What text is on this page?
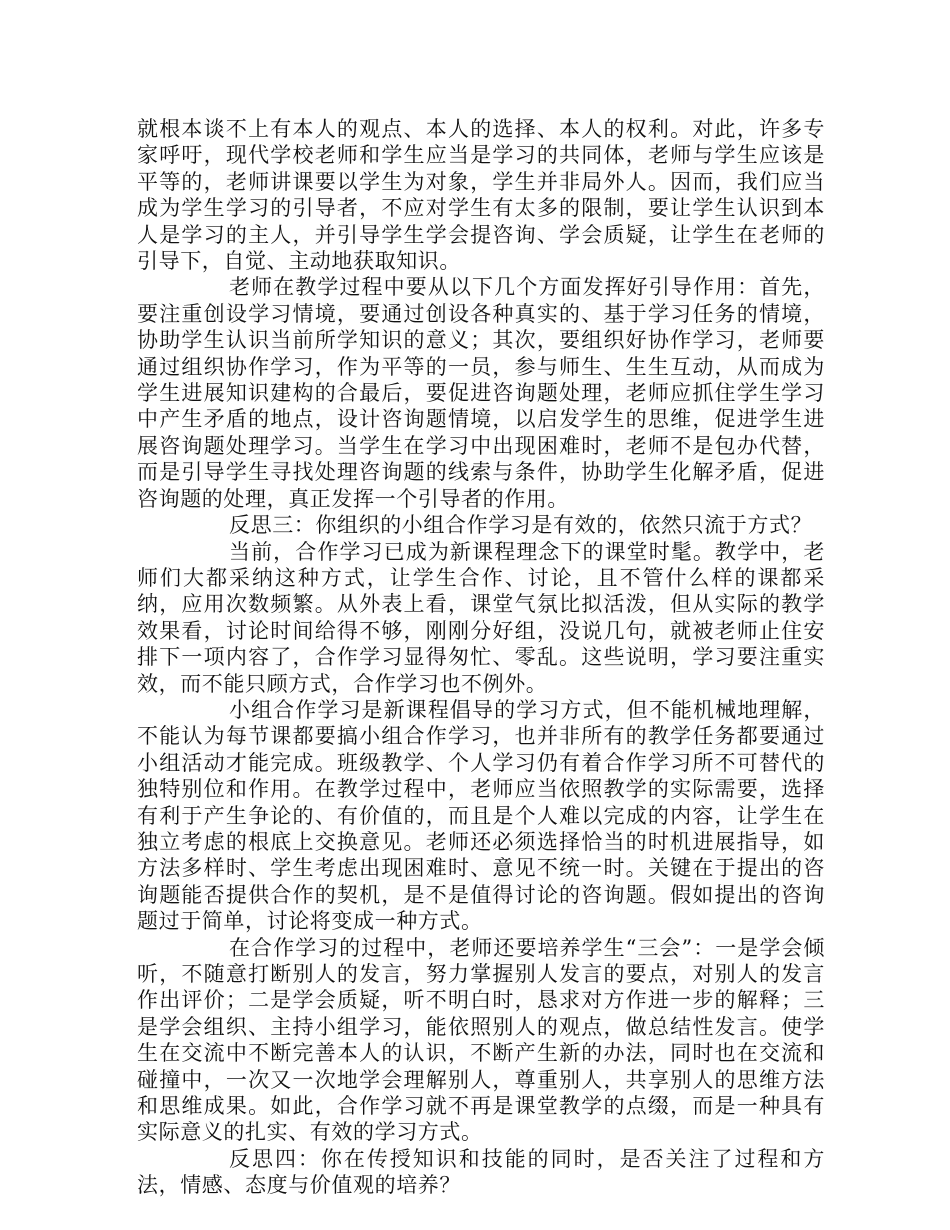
就根本谈不上有本人的观点、本人的选择、本人的权利。对此，许多专家呼吁，现代学校老师和学生应当是学习的共同体，老师与学生应该是平等的，老师讲课要以学生为对象，学生并非局外人。因而，我们应当成为学生学习的引导者，不应对学生有太多的限制，要让学生认识到本人是学习的主人，并引导学生学会提咨询、学会质疑，让学生在老师的引导下，自觉、主动地获取知识。

老师在教学过程中要从以下几个方面发挥好引导作用：首先，要注重创设学习情境，要通过创设各种真实的、基于学习任务的情境，协助学生认识当前所学知识的意义；其次，要组织好协作学习，老师要通过组织协作学习，作为平等的一员，参与师生、生生互动，从而成为学生进展知识建构的合最后，要促进咨询题处理，老师应抓住学生学习中产生矛盾的地点，设计咨询题情境，以启发学生的思维，促进学生进展咨询题处理学习。当学生在学习中出现困难时，老师不是包办代替，而是引导学生寻找处理咨询题的线索与条件，协助学生化解矛盾，促进咨询题的处理，真正发挥一个引导者的作用。

反思三：你组织的小组合作学习是有效的，依然只流于方式？

当前，合作学习已成为新课程理念下的课堂时髦。教学中，老师们大都采纳这种方式，让学生合作、讨论，且不管什么样的课都采纳，应用次数频繁。从外表上看，课堂气氛比拟活泼，但从实际的教学效果看，讨论时间给得不够，刚刚分好组，没说几句，就被老师止住安排下一项内容了，合作学习显得匆忙、零乱。这些说明，学习要注重实效，而不能只顾方式，合作学习也不例外。

小组合作学习是新课程倡导的学习方式，但不能机械地理解，不能认为每节课都要搞小组合作学习，也并非所有的教学任务都要通过小组活动才能完成。班级教学、个人学习仍有着合作学习所不可替代的独特别位和作用。在教学过程中，老师应当依照教学的实际需要，选择有利于产生争论的、有价值的，而且是个人难以完成的内容，让学生在独立考虑的根底上交换意见。老师还必须选择恰当的时机进展指导，如方法多样时、学生考虑出现困难时、意见不统一时。关键在于提出的咨询题能否提供合作的契机，是不是值得讨论的咨询题。假如提出的咨询题过于简单，讨论将变成一种方式。

在合作学习的过程中，老师还要培养学生“三会”：一是学会倾听，不随意打断别人的发言，努力掌握别人发言的要点，对别人的发言作出评价；二是学会质疑，听不明白时，恳求对方作进一步的解释；三是学会组织、主持小组学习，能依照别人的观点，做总结性发言。使学生在交流中不断完善本人的认识，不断产生新的办法，同时也在交流和碰撞中，一次又一次地学会理解别人，尊重别人，共享别人的思维方法和思维成果。如此，合作学习就不再是课堂教学的点缀，而是一种具有实际意义的扎实、有效的学习方式。

反思四：你在传授知识和技能的同时，是否关注了过程和方法，情感、态度与价值观的培养？
